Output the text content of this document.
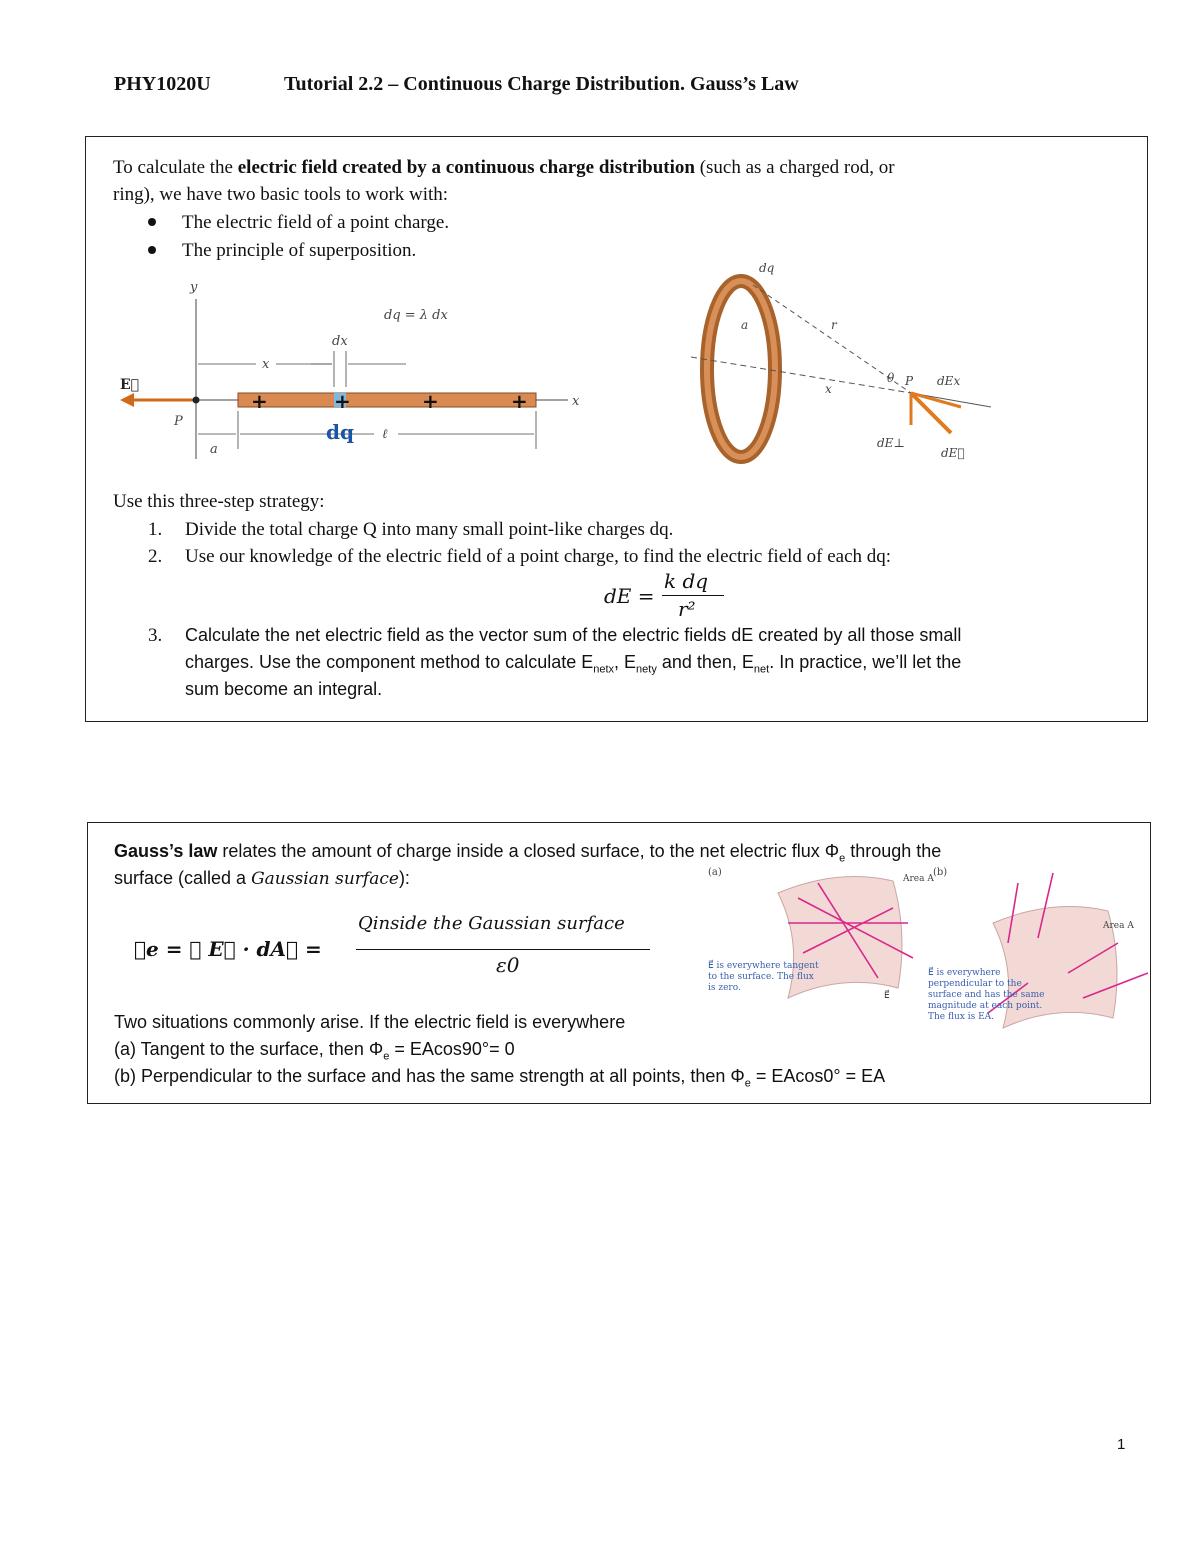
PHY1020U	Tutorial 2.2 – Continuous Charge Distribution. Gauss’s Law
To calculate the electric field created by a continuous charge distribution (such as a charged rod, or
ring), we have two basic tools to work with:
The electric field of a point charge.
The principle of superposition.
y
x
dq = λ dx
dx
x
E⃗
P
a
ℓ
+	+	+	+
dq
dq
a	r
x
θ P dEx
dE⊥
dE⃗
Use this three-step strategy:
1. Divide the total charge Q into many small point-like charges dq.
2. Use our knowledge of the electric field of a point charge, to find the electric field of each dq:
dE =
k dq
r²
3. Calculate the net electric field as the vector sum of the electric fields dE created by all those small
charges. Use the component method to calculate $E_{netx}$, $E_{nety}$ and then, $E_{net}$. In practice, we’ll let the
sum become an integral.
Gauss’s law relates the amount of charge inside a closed surface, to the net electric flux $\Phi_e$ through the
surface (called a Gaussian surface):
∅e = ∮ E⃗ · dA⃗ =
Qinside the Gaussian surface
ε0
Two situations commonly arise. If the electric field is everywhere
(a) Tangent to the surface, then $\Phi_e = EAcos90^\circ= 0$
(b) Perpendicular to the surface and has the same strength at all points, then $\Phi_e = EAcos0^\circ$ = EA
(a)	(b)
Area A
E⃗
E⃗ is everywhere tangent
to the surface. The flux
is zero.
Area A
E⃗ is everywhere
perpendicular to the
surface and has the same
magnitude at each point.
The flux is EA.
1
